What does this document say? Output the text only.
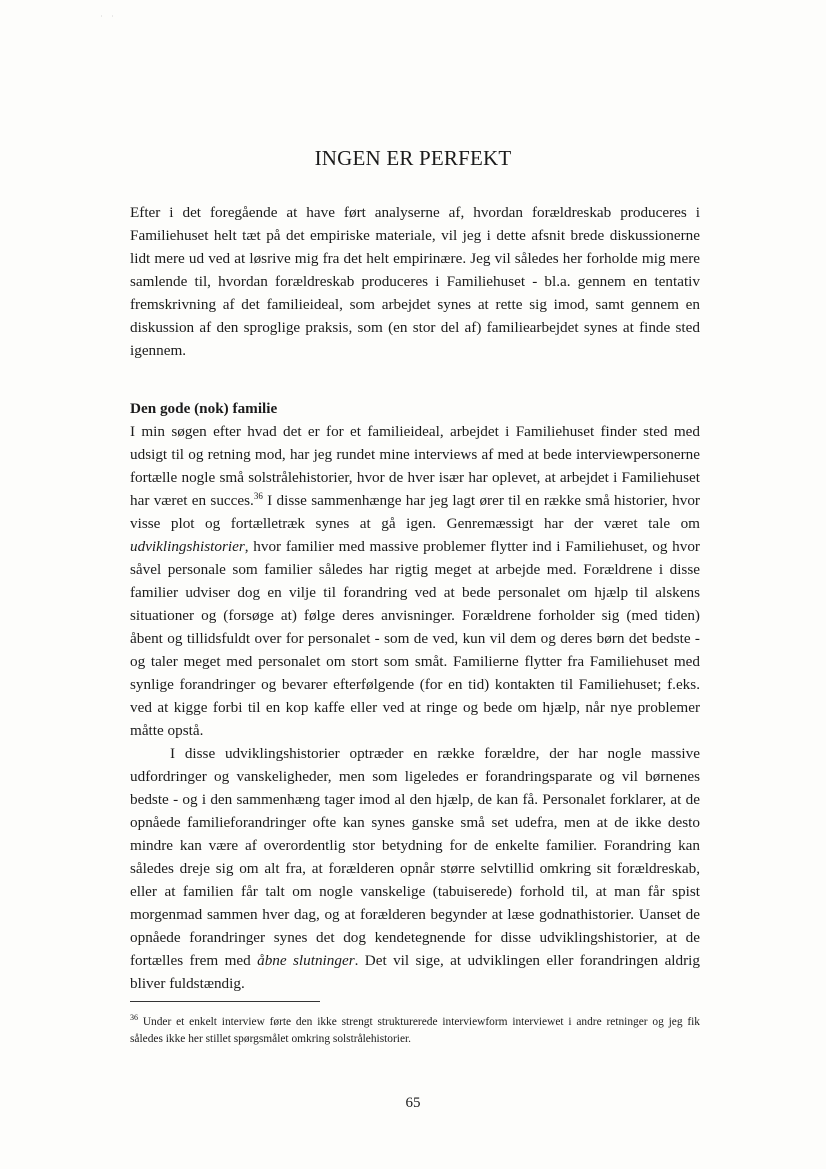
˙ ˙
INGEN ER PERFEKT

Efter i det foregående at have ført analyserne af, hvordan forældreskab produceres i Familiehuset helt tæt på det empiriske materiale, vil jeg i dette afsnit brede diskussionerne lidt mere ud ved at løsrive mig fra det helt empirinære. Jeg vil således her forholde mig mere samlende til, hvordan forældreskab produceres i Familiehuset - bl.a. gennem en tentativ fremskrivning af det familieideal, som arbejdet synes at rette sig imod, samt gennem en diskussion af den sproglige praksis, som (en stor del af) familiearbejdet synes at finde sted igennem.

Den gode (nok) familie

I min søgen efter hvad det er for et familieideal, arbejdet i Familiehuset finder sted med udsigt til og retning mod, har jeg rundet mine interviews af med at bede interviewpersonerne fortælle nogle små solstrålehistorier, hvor de hver især har oplevet, at arbejdet i Familiehuset har været en succes.$^{36}$ I disse sammenhænge har jeg lagt ører til en række små historier, hvor visse plot og fortælletræk synes at gå igen. Genremæssigt har der været tale om udviklingshistorier, hvor familier med massive problemer flytter ind i Familiehuset, og hvor såvel personale som familier således har rigtig meget at arbejde med. Forældrene i disse familier udviser dog en vilje til forandring ved at bede personalet om hjælp til alskens situationer og (forsøge at) følge deres anvisninger. Forældrene forholder sig (med tiden) åbent og tillidsfuldt over for personalet - som de ved, kun vil dem og deres børn det bedste - og taler meget med personalet om stort som småt. Familierne flytter fra Familiehuset med synlige forandringer og bevarer efterfølgende (for en tid) kontakten til Familiehuset; f.eks. ved at kigge forbi til en kop kaffe eller ved at ringe og bede om hjælp, når nye problemer måtte opstå.

I disse udviklingshistorier optræder en række forældre, der har nogle massive udfordringer og vanskeligheder, men som ligeledes er forandringsparate og vil børnenes bedste - og i den sammenhæng tager imod al den hjælp, de kan få. Personalet forklarer, at de opnåede familieforandringer ofte kan synes ganske små set udefra, men at de ikke desto mindre kan være af overordentlig stor betydning for de enkelte familier. Forandring kan således dreje sig om alt fra, at forælderen opnår større selvtillid omkring sit forældreskab, eller at familien får talt om nogle vanskelige (tabuiserede) forhold til, at man får spist morgenmad sammen hver dag, og at forælderen begynder at læse godnathistorier. Uanset de opnåede forandringer synes det dog kendetegnende for disse udviklingshistorier, at de fortælles frem med åbne slutninger. Det vil sige, at udviklingen eller forandringen aldrig bliver fuldstændig.

$^{36}$ Under et enkelt interview førte den ikke strengt strukturerede interviewform interviewet i andre retninger og jeg fik således ikke her stillet spørgsmålet omkring solstrålehistorier.

65
